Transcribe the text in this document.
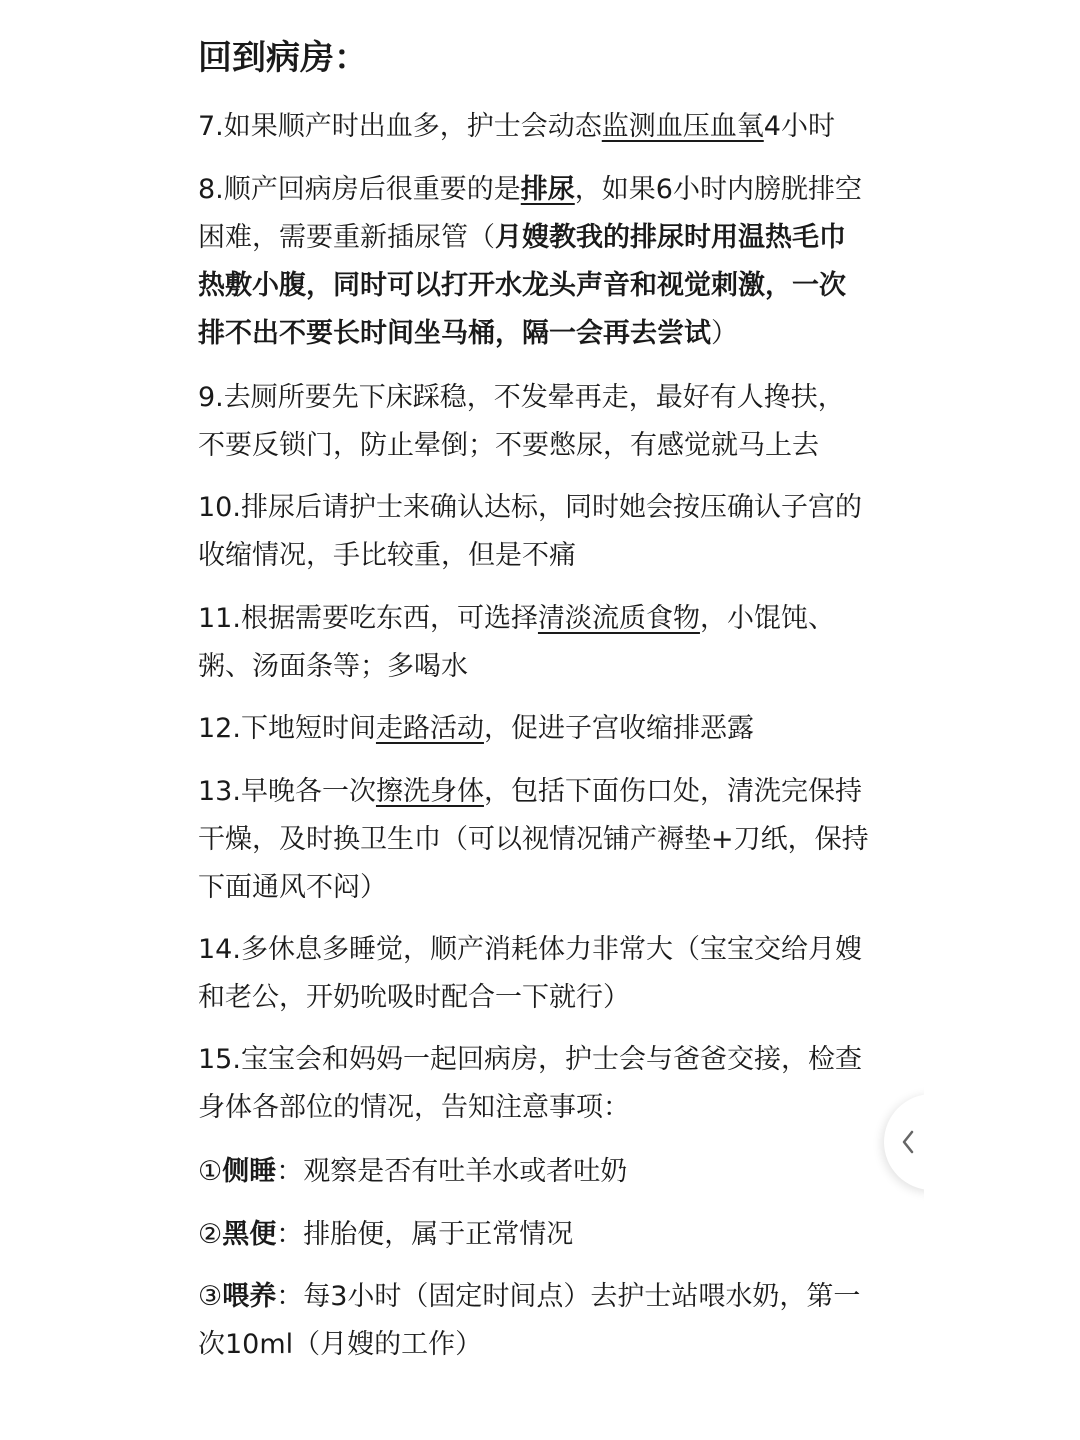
回到病房：
7.如果顺产时出血多，护士会动态监测血压血氧4小时
8.顺产回病房后很重要的是排尿，如果6小时内膀胱排空
困难，需要重新插尿管（月嫂教我的排尿时用温热毛巾
热敷小腹，同时可以打开水龙头声音和视觉刺激，一次
排不出不要长时间坐马桶，隔一会再去尝试）
9.去厕所要先下床踩稳，不发晕再走，最好有人搀扶，
不要反锁门，防止晕倒；不要憋尿，有感觉就马上去
10.排尿后请护士来确认达标，同时她会按压确认子宫的
收缩情况，手比较重，但是不痛
11.根据需要吃东西，可选择清淡流质食物，小馄饨、
粥、汤面条等；多喝水
12.下地短时间走路活动，促进子宫收缩排恶露
13.早晚各一次擦洗身体，包括下面伤口处，清洗完保持
干燥，及时换卫生巾（可以视情况铺产褥垫+刀纸，保持
下面通风不闷）
14.多休息多睡觉，顺产消耗体力非常大（宝宝交给月嫂
和老公，开奶吮吸时配合一下就行）
15.宝宝会和妈妈一起回病房，护士会与爸爸交接，检查
身体各部位的情况，告知注意事项：
①侧睡：观察是否有吐羊水或者吐奶
②黑便：排胎便，属于正常情况
③喂养：每3小时（固定时间点）去护士站喂水奶，第一
次10ml（月嫂的工作）
